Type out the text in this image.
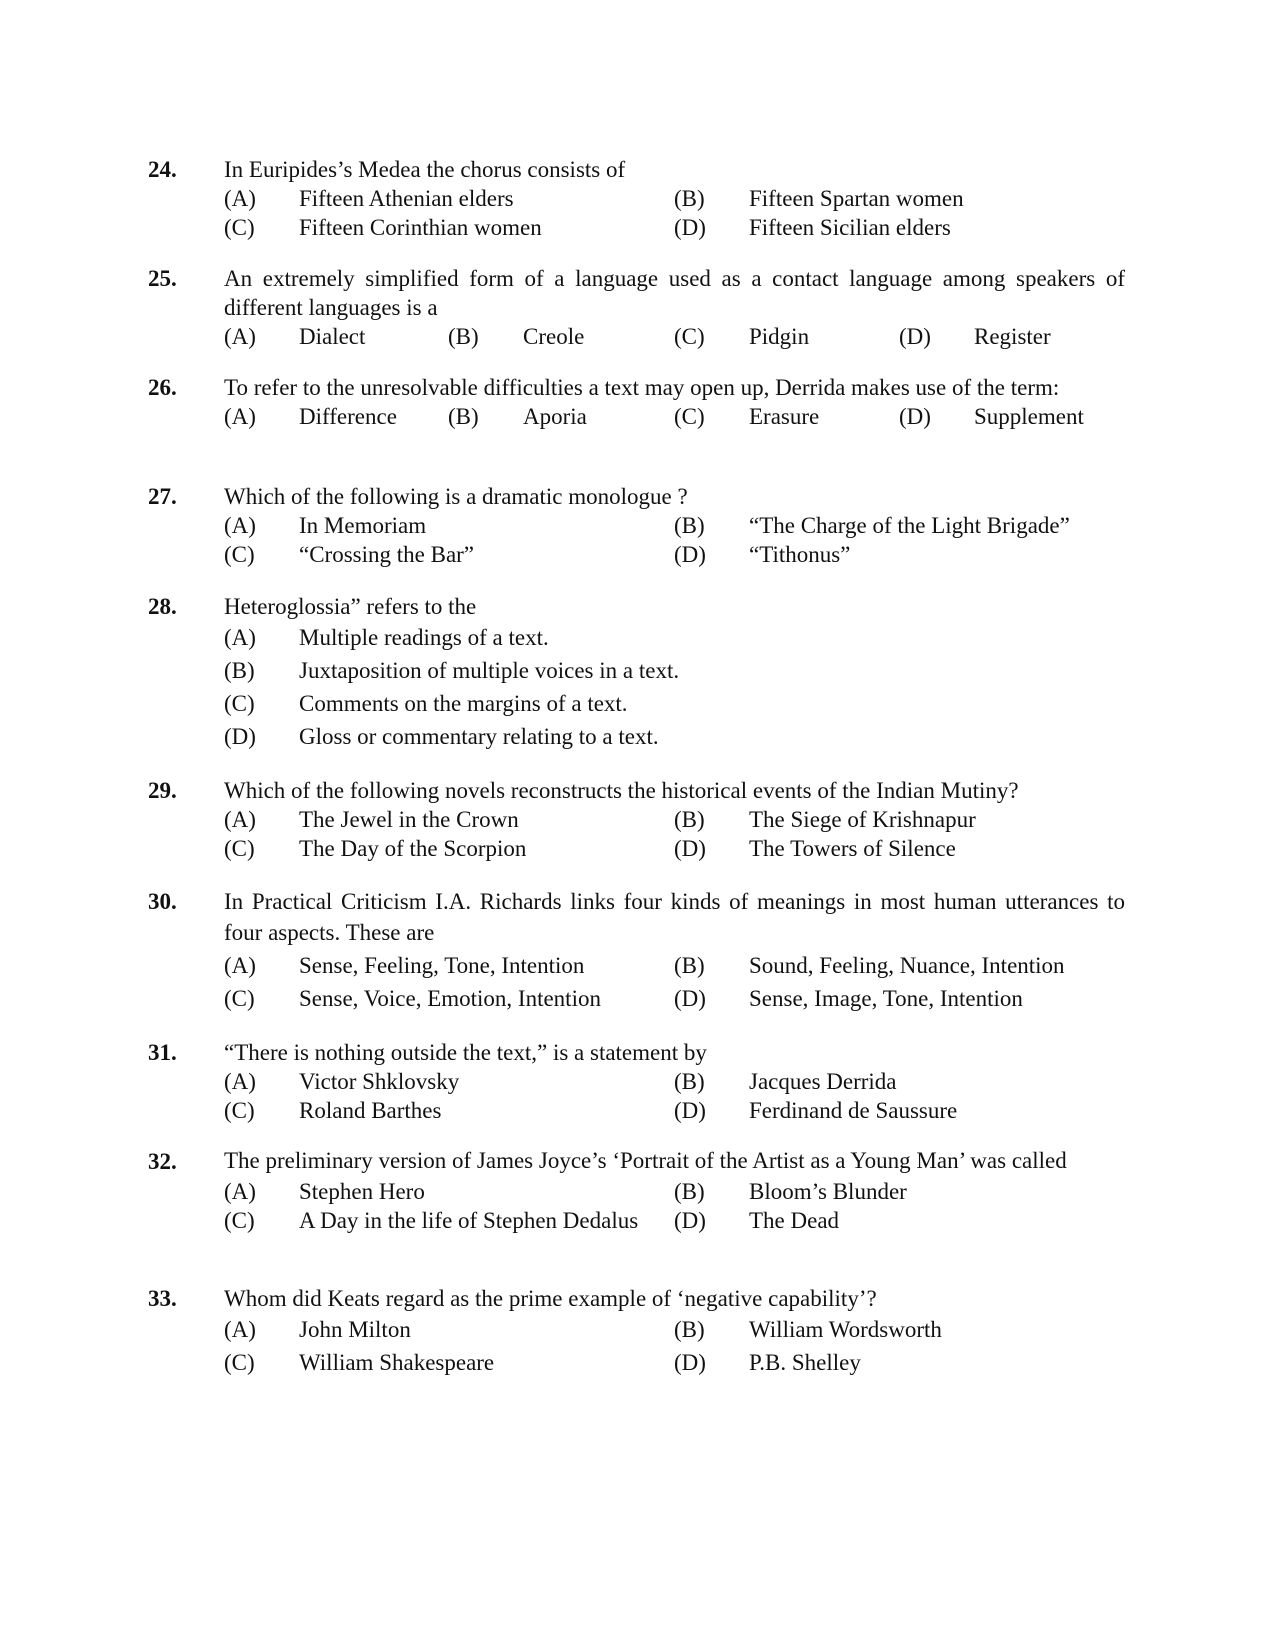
24. In Euripides’s Medea the chorus consists of
(A) Fifteen Athenian elders	(B) Fifteen Spartan women
(C) Fifteen Corinthian women	(D) Fifteen Sicilian elders
25. An extremely simplified form of a language used as a contact language among speakers of different languages is a
(A) Dialect	(B) Creole	(C) Pidgin	(D) Register
26. To refer to the unresolvable difficulties a text may open up, Derrida makes use of the term:
(A) Difference (B) Aporia	(C) Erasure	(D) Supplement
27. Which of the following is a dramatic monologue ?
(A) In Memoriam	(B) “The Charge of the Light Brigade”
(C) “Crossing the Bar”	(D) “Tithonus”
28. Heteroglossia” refers to the
(A) Multiple readings of a text.
(B) Juxtaposition of multiple voices in a text.
(C) Comments on the margins of a text.
(D) Gloss or commentary relating to a text.
29. Which of the following novels reconstructs the historical events of the Indian Mutiny?
(A) The Jewel in the Crown	(B) The Siege of Krishnapur
(C) The Day of the Scorpion	(D) The Towers of Silence
30. In Practical Criticism I.A. Richards links four kinds of meanings in most human utterances to four aspects. These are
(A) Sense, Feeling, Tone, Intention	(B) Sound, Feeling, Nuance, Intention
(C) Sense, Voice, Emotion, Intention	(D) Sense, Image, Tone, Intention
31. “There is nothing outside the text,” is a statement by
(A) Victor Shklovsky	(B) Jacques Derrida
(C) Roland Barthes	(D) Ferdinand de Saussure
32. The preliminary version of James Joyce’s ‘Portrait of the Artist as a Young Man’ was called
(A) Stephen Hero	(B) Bloom’s Blunder
(C) A Day in the life of Stephen Dedalus (D) The Dead
33. Whom did Keats regard as the prime example of ‘negative capability’?
(A) John Milton	(B) William Wordsworth
(C) William Shakespeare	(D) P.B. Shelley
